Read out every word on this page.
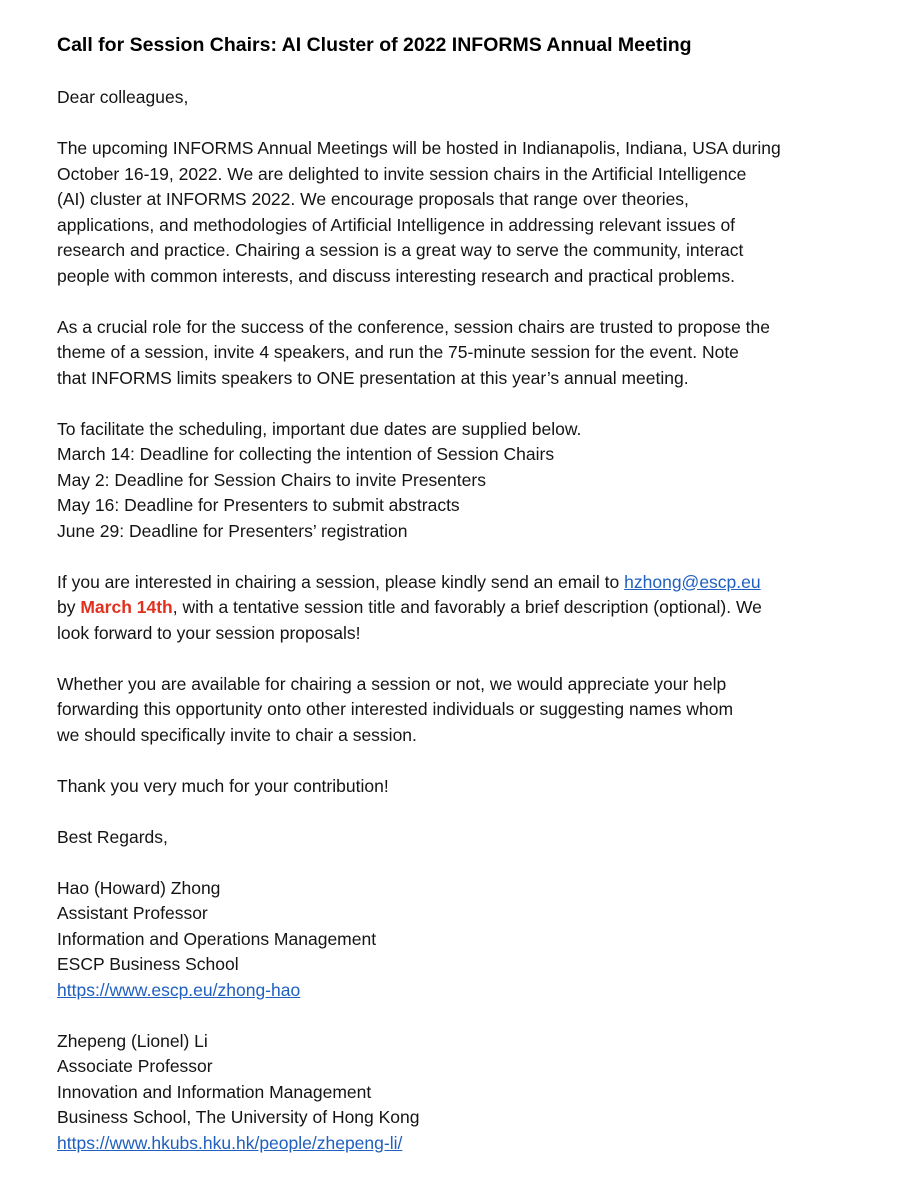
Call for Session Chairs: AI Cluster of 2022 INFORMS Annual Meeting

Dear colleagues,

The upcoming INFORMS Annual Meetings will be hosted in Indianapolis, Indiana, USA during
October 16-19, 2022. We are delighted to invite session chairs in the Artificial Intelligence
(AI) cluster at INFORMS 2022. We encourage proposals that range over theories,
applications, and methodologies of Artificial Intelligence in addressing relevant issues of
research and practice. Chairing a session is a great way to serve the community, interact
people with common interests, and discuss interesting research and practical problems.

As a crucial role for the success of the conference, session chairs are trusted to propose the
theme of a session, invite 4 speakers, and run the 75-minute session for the event. Note
that INFORMS limits speakers to ONE presentation at this year’s annual meeting.

To facilitate the scheduling, important due dates are supplied below.
March 14: Deadline for collecting the intention of Session Chairs
May 2: Deadline for Session Chairs to invite Presenters
May 16: Deadline for Presenters to submit abstracts
June 29: Deadline for Presenters’ registration

If you are interested in chairing a session, please kindly send an email to hzhong@escp.eu
by March 14th, with a tentative session title and favorably a brief description (optional). We
look forward to your session proposals!

Whether you are available for chairing a session or not, we would appreciate your help
forwarding this opportunity onto other interested individuals or suggesting names whom
we should specifically invite to chair a session.

Thank you very much for your contribution!

Best Regards,

Hao (Howard) Zhong
Assistant Professor
Information and Operations Management
ESCP Business School
https://www.escp.eu/zhong-hao

Zhepeng (Lionel) Li
Associate Professor
Innovation and Information Management
Business School, The University of Hong Kong
https://www.hkubs.hku.hk/people/zhepeng-li/
